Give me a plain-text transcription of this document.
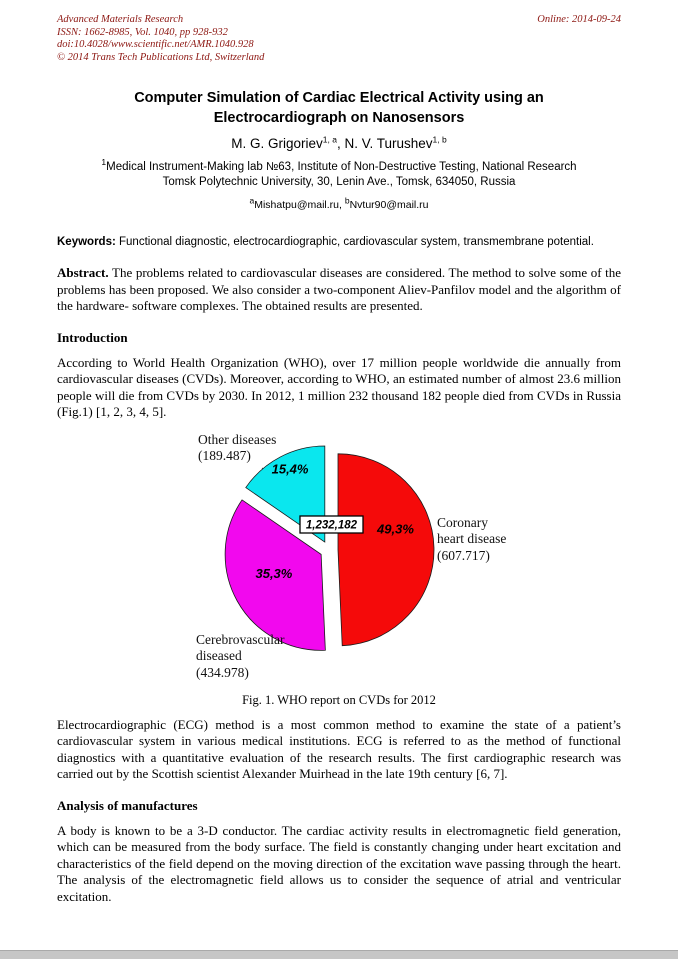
Advanced Materials Research	Online: 2014-09-24
ISSN: 1662-8985, Vol. 1040, pp 928-932
doi:10.4028/www.scientific.net/AMR.1040.928
© 2014 Trans Tech Publications Ltd, Switzerland
Computer Simulation of Cardiac Electrical Activity using an Electrocardiograph on Nanosensors
M. G. Grigoriev$^{1, a}$, N. V. Turushev$^{1, b}$
$^1$Medical Instrument-Making lab №63, Institute of Non-Destructive Testing, National Research
Tomsk Polytechnic University, 30, Lenin Ave., Tomsk, 634050, Russia
$^a$Mishatpu@mail.ru, $^b$Nvtur90@mail.ru

Keywords: Functional diagnostic, electrocardiographic, cardiovascular system, transmembrane potential.

Abstract. The problems related to cardiovascular diseases are considered. The method to solve some of the problems has been proposed. We also consider a two-component Aliev-Panfilov model and the algorithm of the hardware- software complexes. The obtained results are presented.

Introduction

According to World Health Organization (WHO), over 17 million people worldwide die annually from cardiovascular diseases (CVDs). Moreover, according to WHO, an estimated number of almost 23.6 million people will die from CVDs by 2030. In 2012, 1 million 232 thousand 182 people died from CVDs in Russia (Fig.1) [1, 2, 3, 4, 5].

49,3%
35,3%
15,4%
1,232,182
Other diseases
(189.487)
Coronary
heart disease
(607.717)
Cerebrovascular
diseased
(434.978)
Fig. 1. WHO report on CVDs for 2012

Electrocardiographic (ECG) method is a most common method to examine the state of a patient’s cardiovascular system in various medical institutions. ECG is referred to as the method of functional diagnostics with a quantitative evaluation of the research results. The first cardiographic research was carried out by the Scottish scientist Alexander Muirhead in the late 19th century [6, 7].

Analysis of manufactures

A body is known to be a 3-D conductor. The cardiac activity results in electromagnetic field generation, which can be measured from the body surface. The field is constantly changing under heart excitation and characteristics of the field depend on the moving direction of the excitation wave passing through the heart. The analysis of the electromagnetic field allows us to consider the sequence of atrial and ventricular excitation.
